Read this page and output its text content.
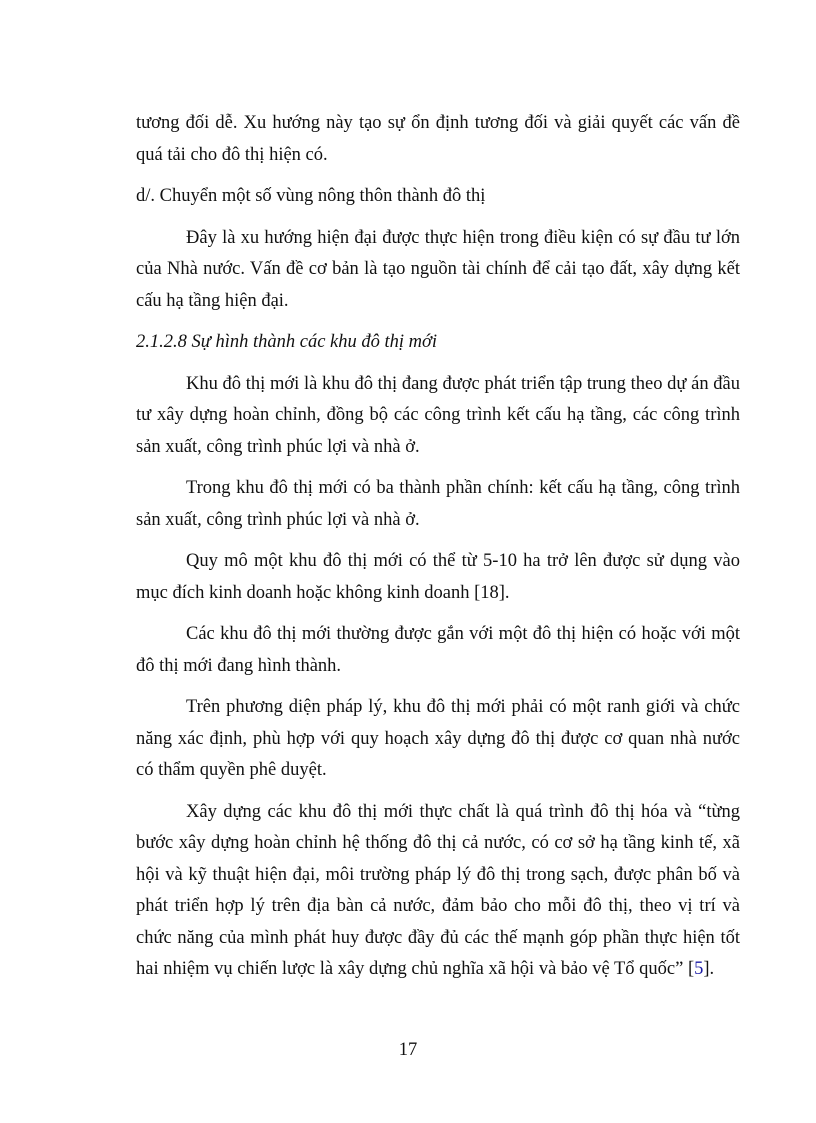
tương đối dễ. Xu hướng này tạo sự ổn định tương đối và giải quyết các vấn đề quá tải cho đô thị hiện có.

d/. Chuyển một số vùng nông thôn thành đô thị

Đây là xu hướng hiện đại được thực hiện trong điều kiện có sự đầu tư lớn của Nhà nước. Vấn đề cơ bản là tạo nguồn tài chính để cải tạo đất, xây dựng kết cấu hạ tầng hiện đại.

2.1.2.8 Sự hình thành các khu đô thị mới

Khu đô thị mới là khu đô thị đang được phát triển tập trung theo dự án đầu tư xây dựng hoàn chỉnh, đồng bộ các công trình kết cấu hạ tầng, các công trình sản xuất, công trình phúc lợi và nhà ở.

Trong khu đô thị mới có ba thành phần chính: kết cấu hạ tầng, công trình sản xuất, công trình phúc lợi và nhà ở.

Quy mô một khu đô thị mới có thể từ 5-10 ha trở lên được sử dụng vào mục đích kinh doanh hoặc không kinh doanh [18].

Các khu đô thị mới thường được gắn với một đô thị hiện có hoặc với một đô thị mới đang hình thành.

Trên phương diện pháp lý, khu đô thị mới phải có một ranh giới và chức năng xác định, phù hợp với quy hoạch xây dựng đô thị được cơ quan nhà nước có thẩm quyền phê duyệt.

Xây dựng các khu đô thị mới thực chất là quá trình đô thị hóa và “từng bước xây dựng hoàn chỉnh hệ thống đô thị cả nước, có cơ sở hạ tầng kinh tế, xã hội và kỹ thuật hiện đại, môi trường pháp lý đô thị trong sạch, được phân bố và phát triển hợp lý trên địa bàn cả nước, đảm bảo cho mỗi đô thị, theo vị trí và chức năng của mình phát huy được đầy đủ các thế mạnh góp phần thực hiện tốt hai nhiệm vụ chiến lược là xây dựng chủ nghĩa xã hội và bảo vệ Tổ quốc” [5].

17
